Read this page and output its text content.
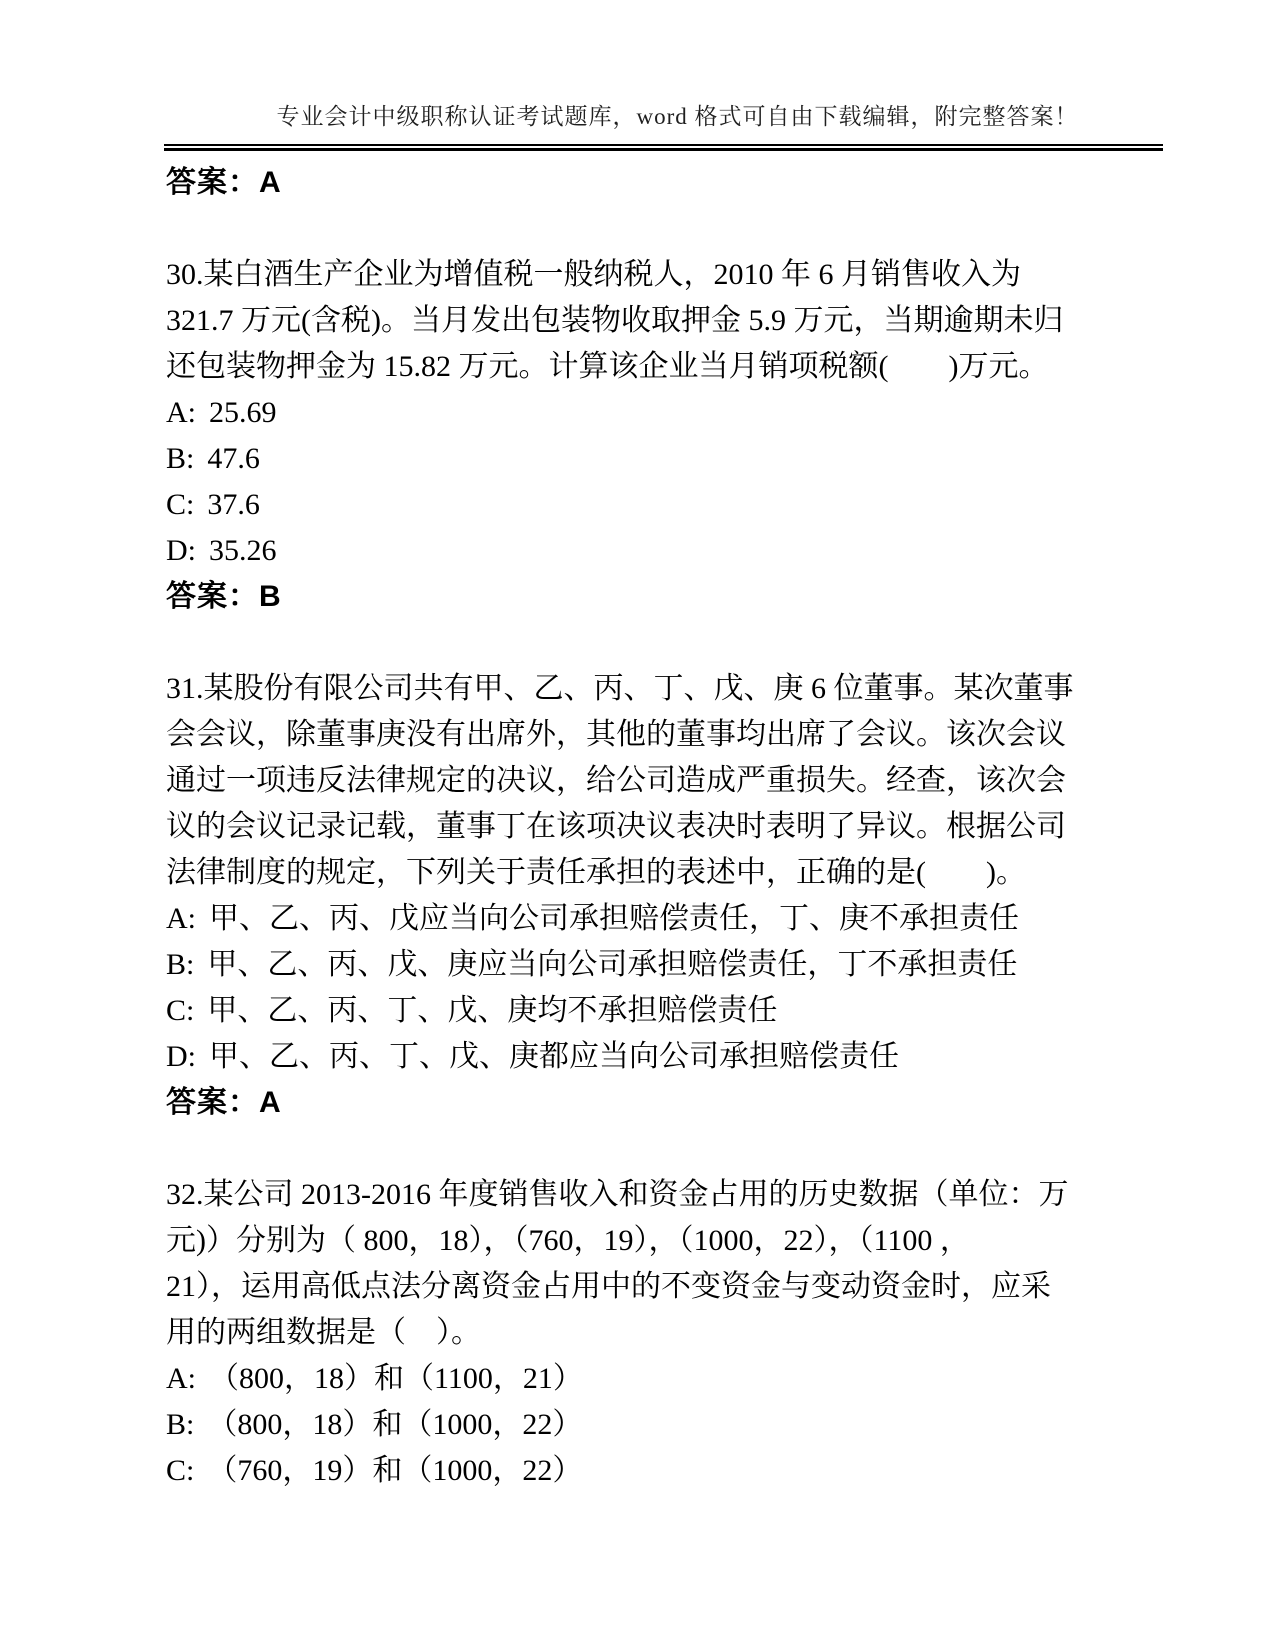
专业会计中级职称认证考试题库，word 格式可自由下载编辑，附完整答案！

答案：A
30.某白酒生产企业为增值税一般纳税人，2010 年 6 月销售收入为
321.7 万元(含税)。当月发出包装物收取押金 5.9 万元，当期逾期未归
还包装物押金为 15.82 万元。计算该企业当月销项税额(　　)万元。
A: 25.69
B: 47.6
C: 37.6
D: 35.26
答案：B
31.某股份有限公司共有甲、乙、丙、丁、戊、庚 6 位董事。某次董事
会会议，除董事庚没有出席外，其他的董事均出席了会议。该次会议
通过一项违反法律规定的决议，给公司造成严重损失。经查，该次会
议的会议记录记载，董事丁在该项决议表决时表明了异议。根据公司
法律制度的规定，下列关于责任承担的表述中，正确的是(　　)。
A: 甲、乙、丙、戊应当向公司承担赔偿责任，丁、庚不承担责任
B: 甲、乙、丙、戊、庚应当向公司承担赔偿责任，丁不承担责任
C: 甲、乙、丙、丁、戊、庚均不承担赔偿责任
D: 甲、乙、丙、丁、戊、庚都应当向公司承担赔偿责任
答案：A
32.某公司 2013-2016 年度销售收入和资金占用的历史数据（单位：万
元)）分别为（ 800，18），（760，19），（1000，22），（1100 ，
21），运用高低点法分离资金占用中的不变资金与变动资金时，应采
用的两组数据是（　）。
A: （800，18）和（1100，21）
B: （800，18）和（1000，22）
C: （760，19）和（1000，22）
